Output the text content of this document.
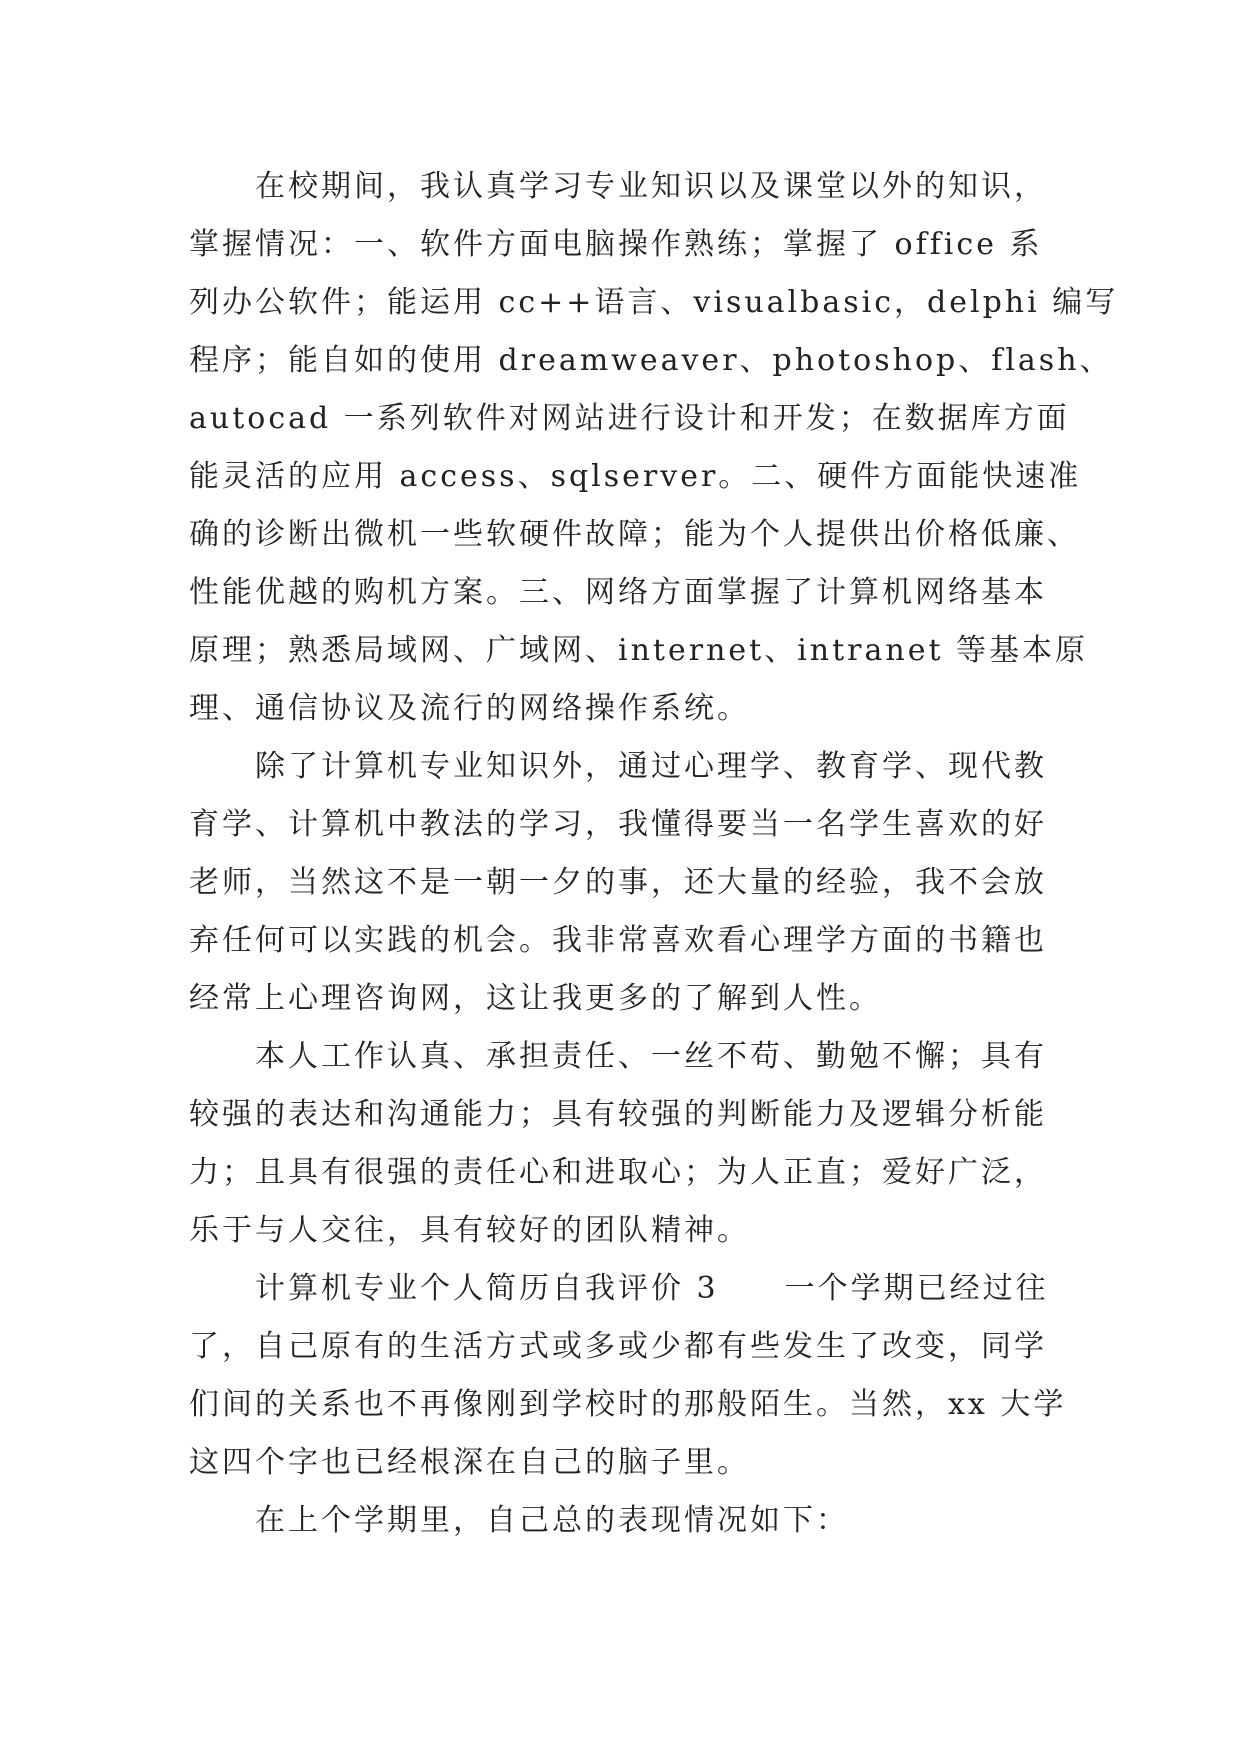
在校期间，我认真学习专业知识以及课堂以外的知识，
掌握情况：一、软件方面电脑操作熟练；掌握了 office 系
列办公软件；能运用 cc++语言、visualbasic，delphi 编写
程序；能自如的使用 dreamweaver、photoshop、flash、
autocad 一系列软件对网站进行设计和开发；在数据库方面
能灵活的应用 access、sqlserver。二、硬件方面能快速准
确的诊断出微机一些软硬件故障；能为个人提供出价格低廉、
性能优越的购机方案。三、网络方面掌握了计算机网络基本
原理；熟悉局域网、广域网、internet、intranet 等基本原
理、通信协议及流行的网络操作系统。

除了计算机专业知识外，通过心理学、教育学、现代教
育学、计算机中教法的学习，我懂得要当一名学生喜欢的好
老师，当然这不是一朝一夕的事，还大量的经验，我不会放
弃任何可以实践的机会。我非常喜欢看心理学方面的书籍也
经常上心理咨询网，这让我更多的了解到人性。

本人工作认真、承担责任、一丝不苟、勤勉不懈；具有
较强的表达和沟通能力；具有较强的判断能力及逻辑分析能
力；且具有很强的责任心和进取心；为人正直；爱好广泛，
乐于与人交往，具有较好的团队精神。

计算机专业个人简历自我评价 3　　一个学期已经过往
了，自己原有的生活方式或多或少都有些发生了改变，同学
们间的关系也不再像刚到学校时的那般陌生。当然，xx 大学
这四个字也已经根深在自己的脑子里。

在上个学期里，自己总的表现情况如下：
